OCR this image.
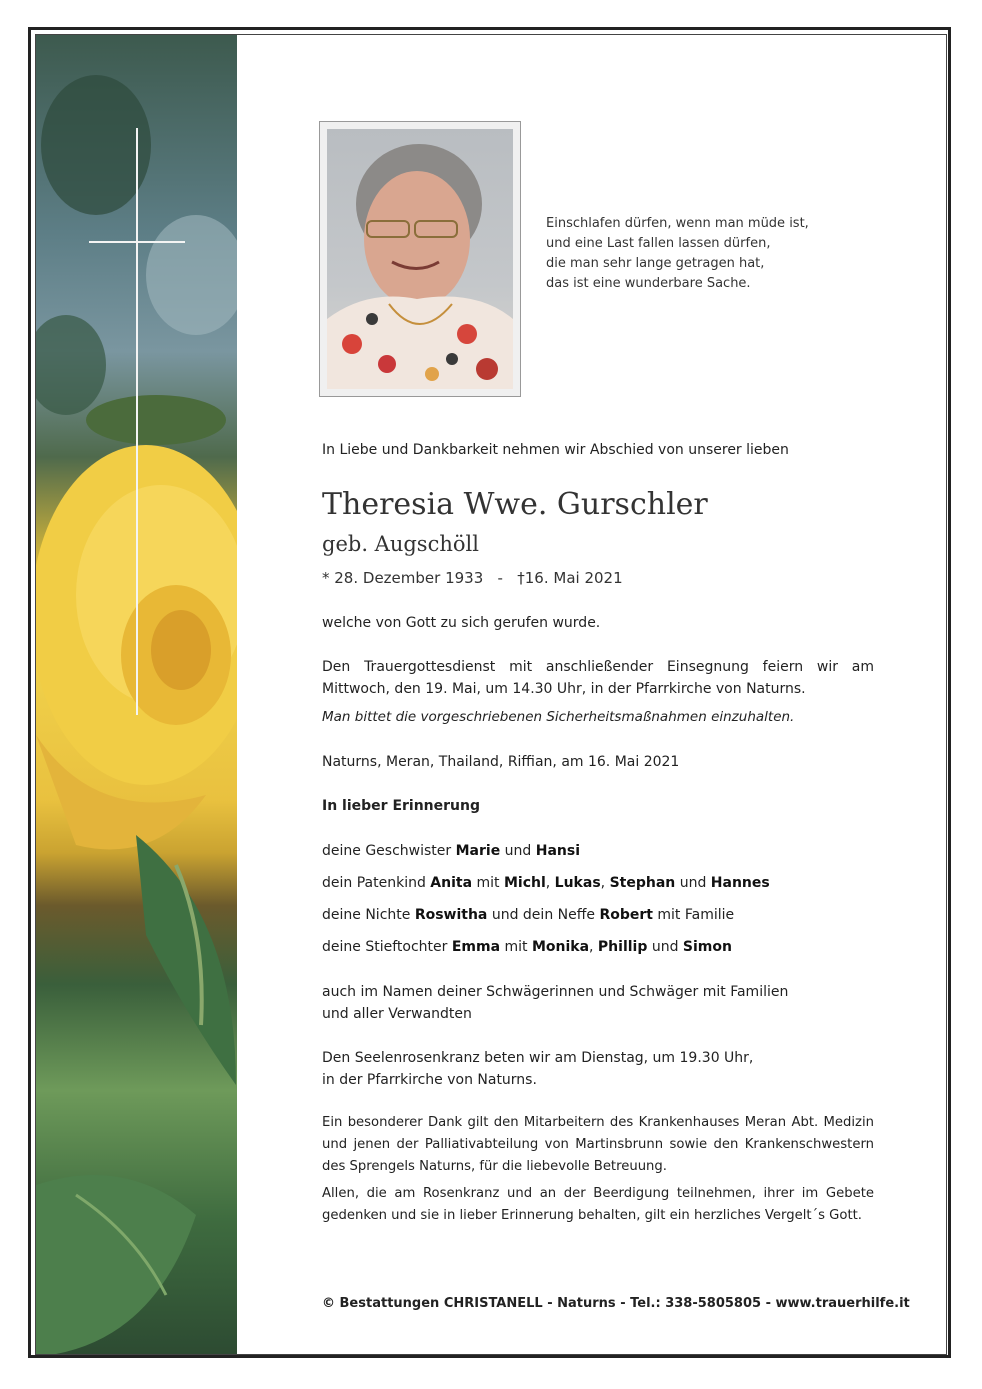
Einschlafen dürfen, wenn man müde ist,
und eine Last fallen lassen dürfen,
die man sehr lange getragen hat,
das ist eine wunderbare Sache.
In Liebe und Dankbarkeit nehmen wir Abschied von unserer lieben
Theresia Wwe. Gurschler
geb. Augschöll
* 28. Dezember 1933   -   †16. Mai 2021
welche von Gott zu sich gerufen wurde.
Den Trauergottesdienst mit anschließender Einsegnung feiern wir am Mittwoch, den 19. Mai, um 14.30 Uhr, in der Pfarrkirche von Naturns.
Man bittet die vorgeschriebenen Sicherheitsmaßnahmen einzuhalten.
Naturns, Meran, Thailand, Riffian, am 16. Mai 2021
In lieber Erinnerung
deine Geschwister Marie und Hansi
dein Patenkind Anita mit Michl, Lukas, Stephan und Hannes
deine Nichte Roswitha und dein Neffe Robert mit Familie
deine Stieftochter Emma mit Monika, Phillip und Simon
auch im Namen deiner Schwägerinnen und Schwäger mit Familien
und aller Verwandten
Den Seelenrosenkranz beten wir am Dienstag, um 19.30 Uhr,
in der Pfarrkirche von Naturns.
Ein besonderer Dank gilt den Mitarbeitern des Krankenhauses Meran Abt. Medizin und jenen der Palliativabteilung von Martinsbrunn sowie den Krankenschwestern des Sprengels Naturns, für die liebevolle Betreuung.
Allen, die am Rosenkranz und an der Beerdigung teilnehmen, ihrer im Gebete gedenken und sie in lieber Erinnerung behalten, gilt ein herzliches Vergelt´s Gott.
© Bestattungen CHRISTANELL - Naturns - Tel.: 338-5805805 - www.trauerhilfe.it
